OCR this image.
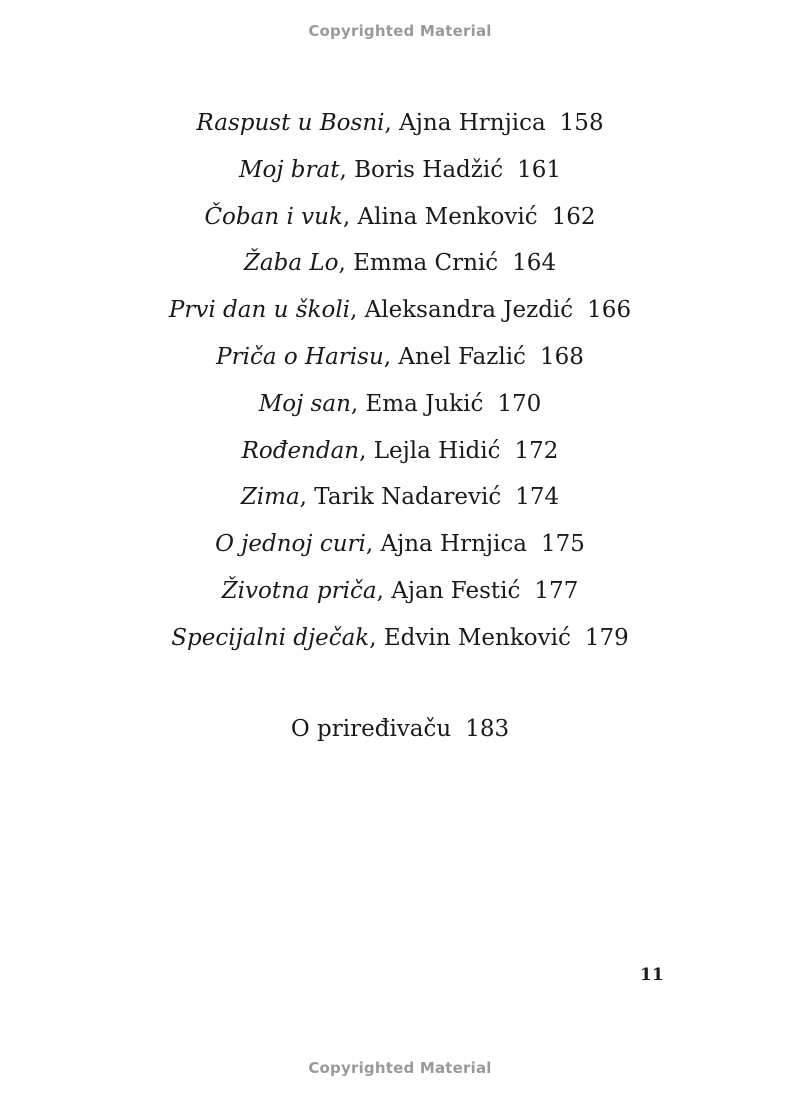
Copyrighted Material
Raspust u Bosni, Ajna Hrnjica 158
Moj brat, Boris Hadžić 161
Čoban i vuk, Alina Menković 162
Žaba Lo, Emma Crnić 164
Prvi dan u školi, Aleksandra Jezdić 166
Priča o Harisu, Anel Fazlić 168
Moj san, Ema Jukić 170
Rođendan, Lejla Hidić 172
Zima, Tarik Nadarević 174
O jednoj curi, Ajna Hrnjica 175
Životna priča, Ajan Festić 177
Specijalni dječak, Edvin Menković 179
O priređivaču 183
11
Copyrighted Material
